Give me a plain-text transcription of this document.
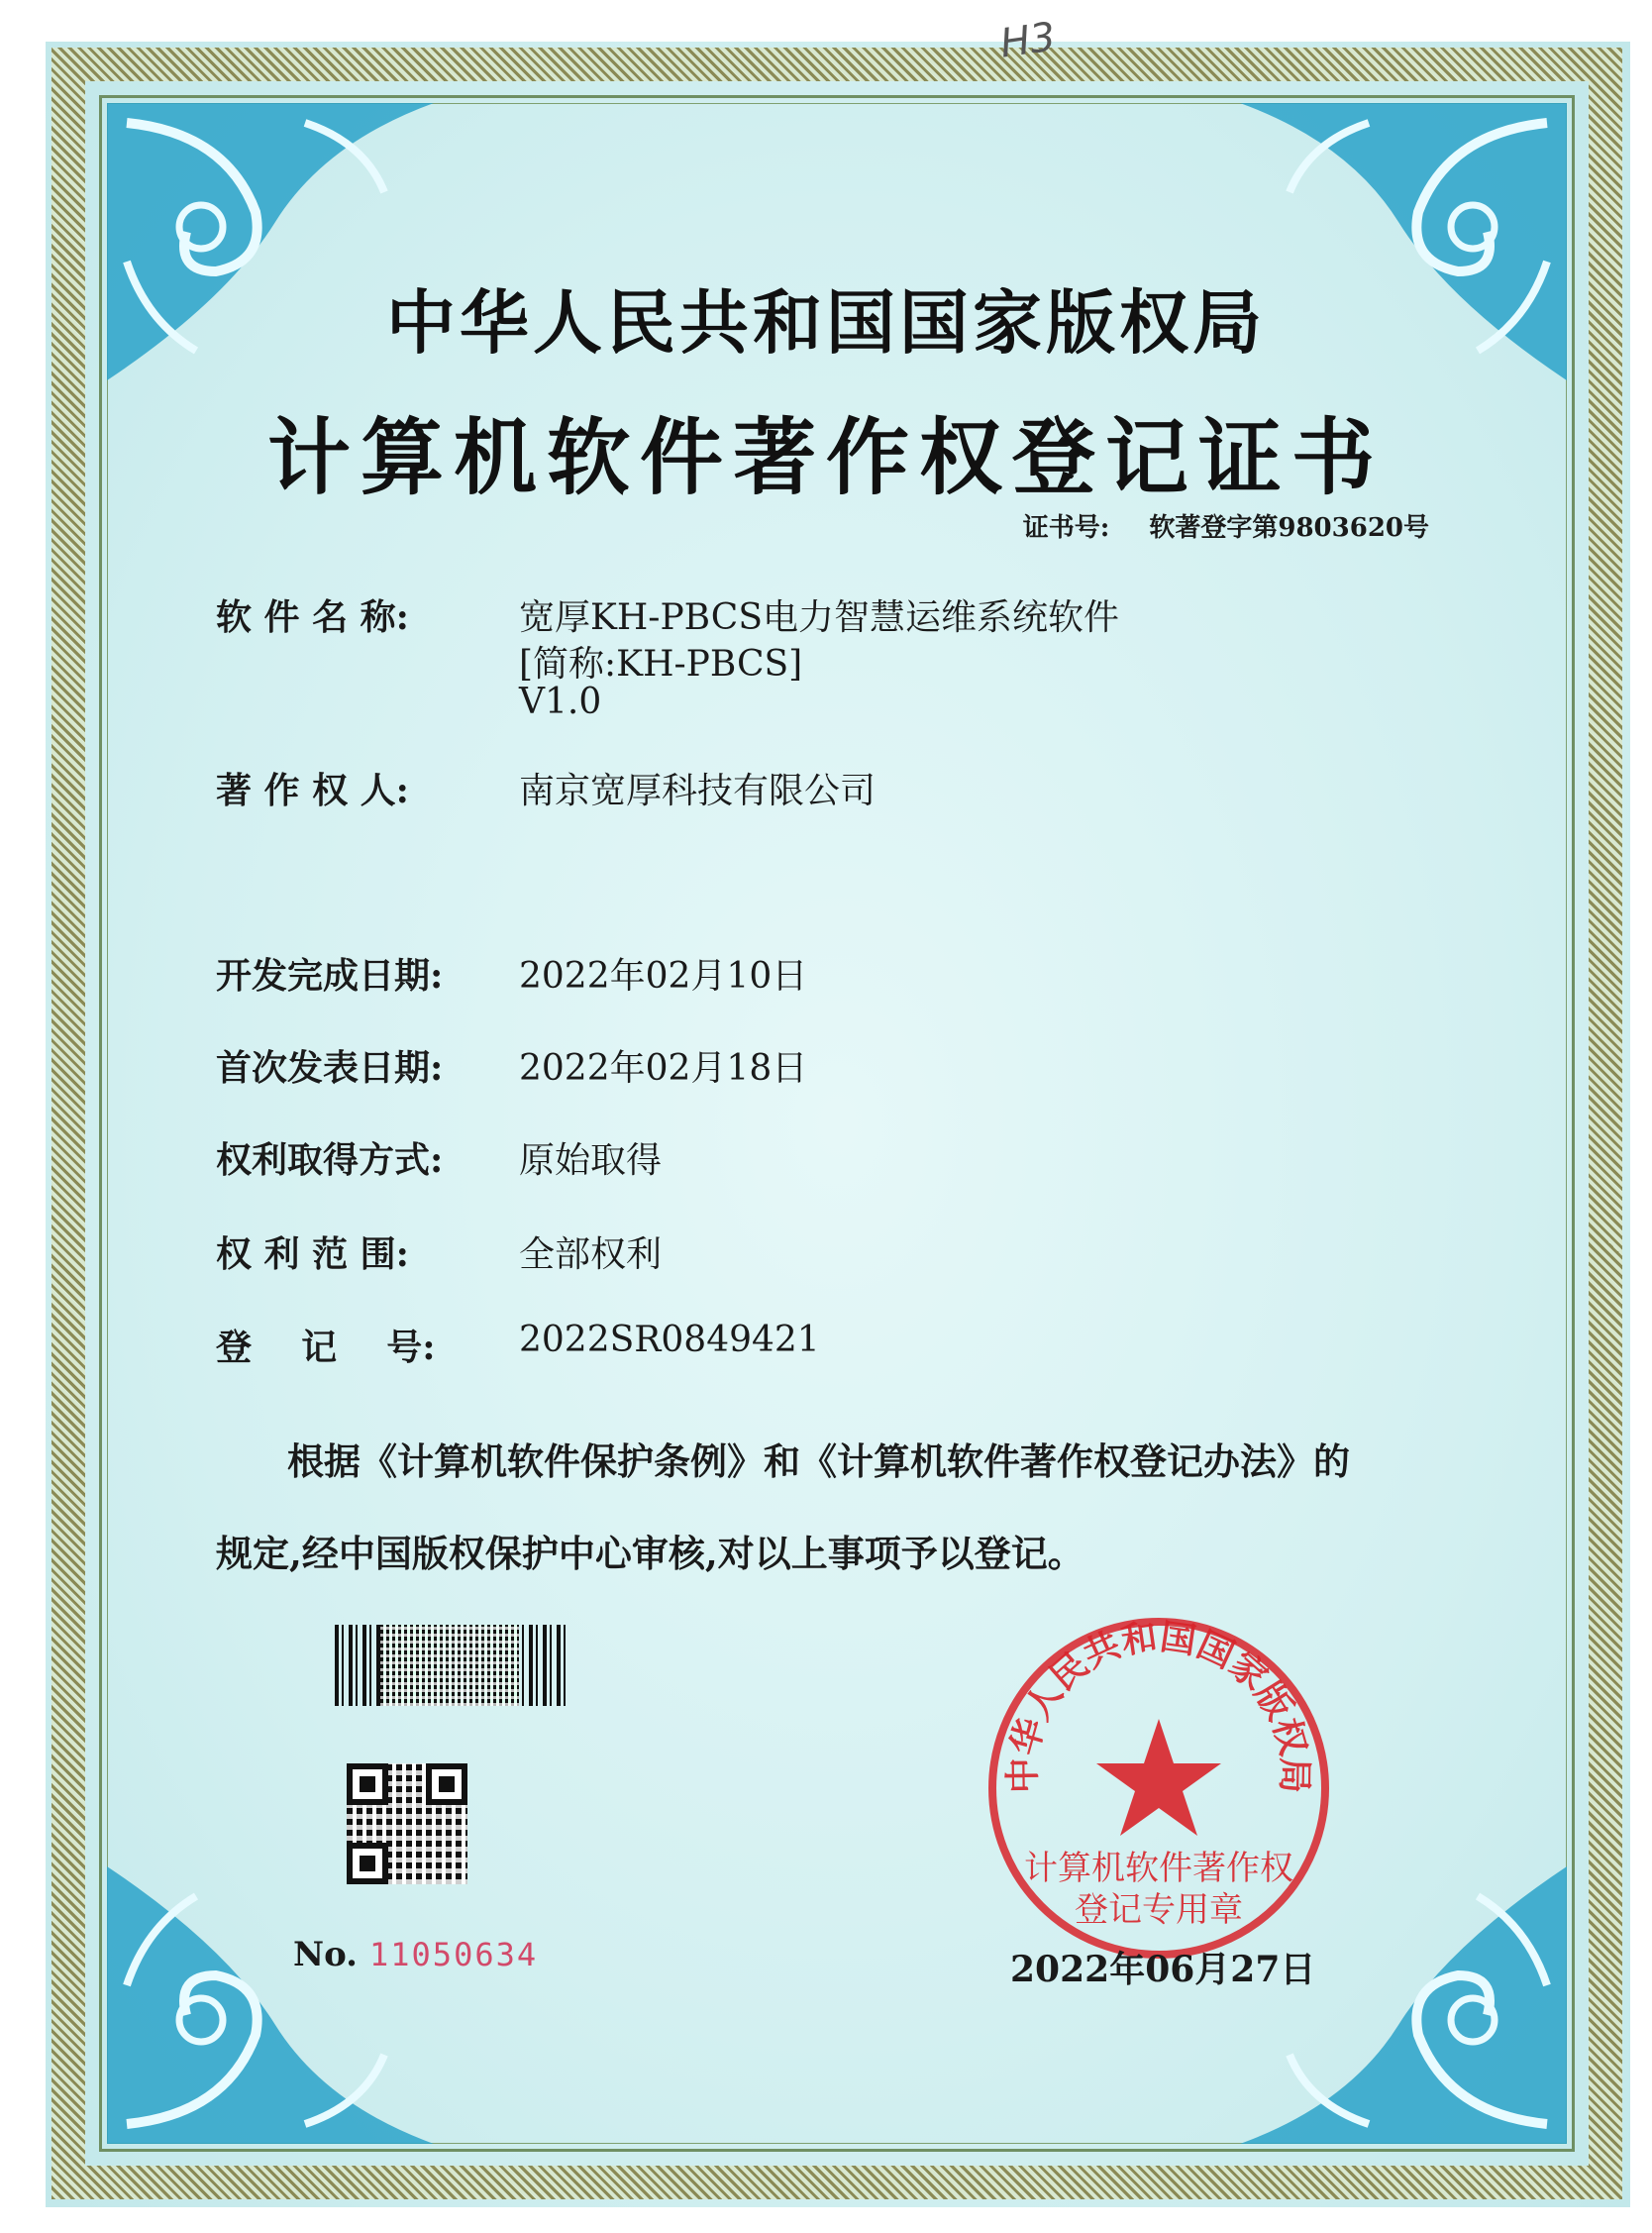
H3
中华人民共和国国家版权局
计算机软件著作权登记证书
证书号: 软著登字第9803620号
软 件 名 称:	宽厚KH-PBCS电力智慧运维系统软件
[简称:KH-PBCS]
V1.0
著 作 权 人:	南京宽厚科技有限公司
开发完成日期: 2022年02月10日
首次发表日期: 2022年02月18日
权利取得方式: 原始取得
权 利 范 围:	全部权利
登    记    号: 2022SR0849421
根据《计算机软件保护条例》和《计算机软件著作权登记办法》的
规定,经中国版权保护中心审核,对以上事项予以登记。
No. 11050634
中华人民共和国国家版权局
计算机软件著作权
登记专用章
2022年06月27日
